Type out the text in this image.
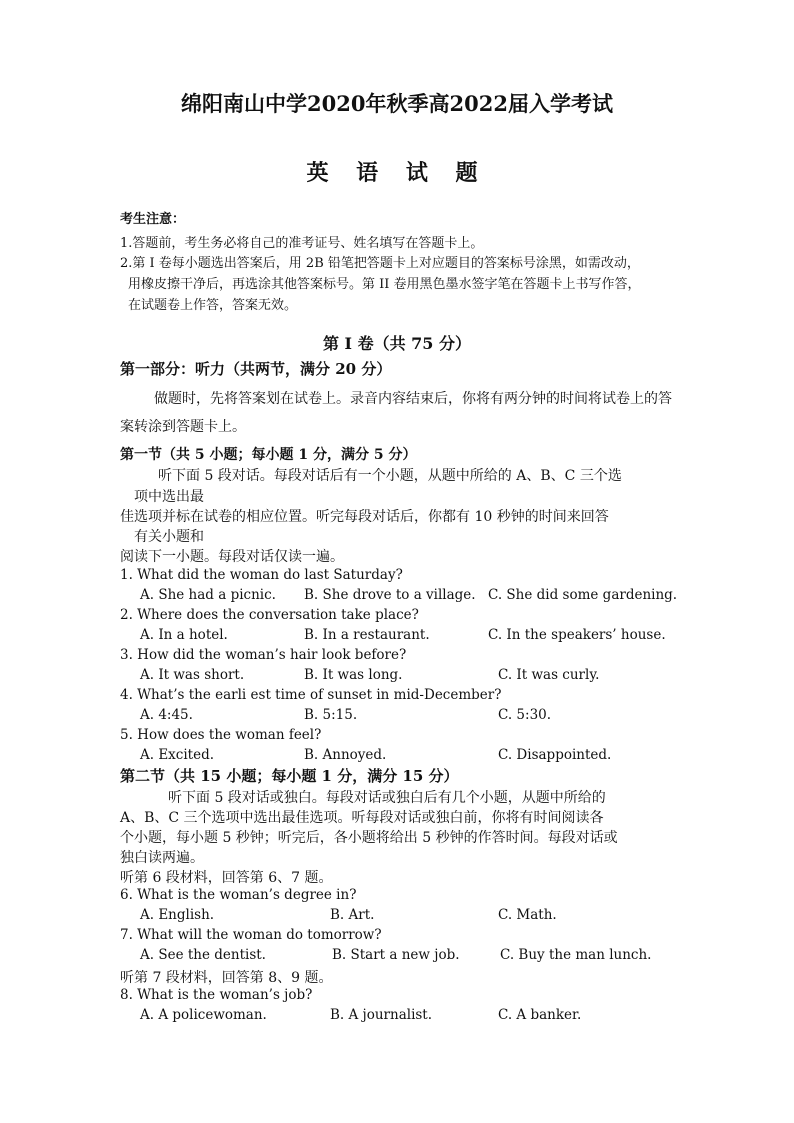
绵阳南山中学2020年秋季高2022届入学考试
英 语 试 题
考生注意：
1.答题前，考生务必将自己的准考证号、姓名填写在答题卡上。
2.第 I 卷每小题选出答案后，用 2B 铅笔把答题卡上对应题目的答案标号涂黑，如需改动，
用橡皮擦干净后，再选涂其他答案标号。第 II 卷用黑色墨水签字笔在答题卡上书写作答，
在试题卷上作答，答案无效。
第 I 卷（共 75 分）
第一部分：听力（共两节，满分 20 分）
做题时，先将答案划在试卷上。录音内容结束后，你将有两分钟的时间将试卷上的答
案转涂到答题卡上。
第一节（共 5 小题；每小题 1 分，满分 5 分）
听下面 5 段对话。每段对话后有一个小题，从题中所给的 A、B、C 三个选
项中选出最
佳选项并标在试卷的相应位置。听完每段对话后，你都有 10 秒钟的时间来回答
有关小题和
阅读下一小题。每段对话仅读一遍。
1. What did the woman do last Saturday?
A. She had a picnic. B. She drove to a village. C. She did some gardening.
2. Where does the conversation take place?
A. In a hotel.	B. In a restaurant.	C. In the speakers’ house.
3. How did the woman’s hair look before?
A. It was short.	B. It was long.	C. It was curly.
4. What’s the earli est time of sunset in mid-December?
A. 4:45.	B. 5:15.	C. 5:30.
5. How does the woman feel?
A. Excited.	B. Annoyed.	C. Disappointed.
第二节（共 15 小题；每小题 1 分，满分 15 分）
听下面 5 段对话或独白。每段对话或独白后有几个小题，从题中所给的
A、B、C 三个选项中选出最佳选项。听每段对话或独白前，你将有时间阅读各
个小题，每小题 5 秒钟；听完后，各小题将给出 5 秒钟的作答时间。每段对话或
独白读两遍。
听第 6 段材料，回答第 6、7 题。
6. What is the woman’s degree in?
A. English.	B. Art.	C. Math.
7. What will the woman do tomorrow?
A. See the dentist.	B. Start a new job.	C. Buy the man lunch.
听第 7 段材料，回答第 8、9 题。
8. What is the woman’s job?
A. A policewoman.	B. A journalist.	C. A banker.
